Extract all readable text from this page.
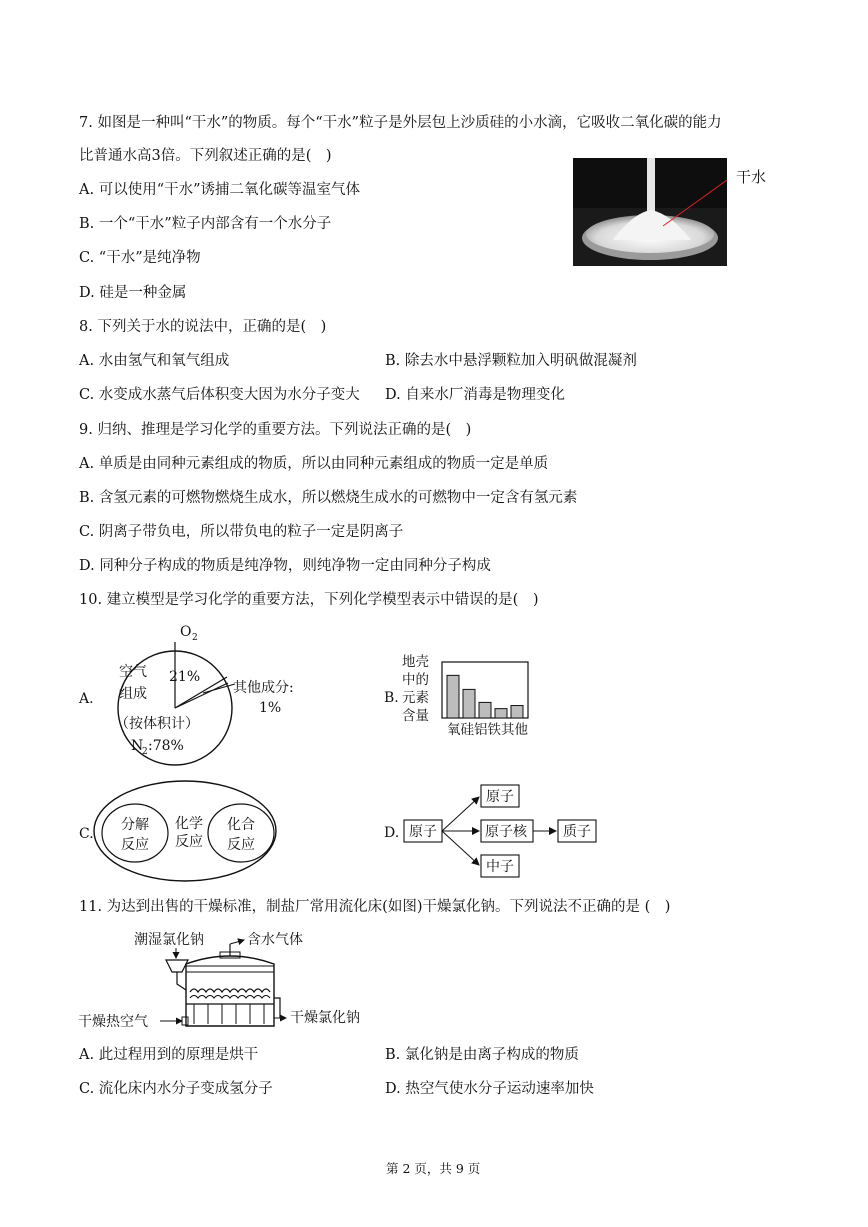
7. 如图是一种叫“干水”的物质。每个“干水”粒子是外层包上沙质硅的小水滴，它吸收二氧化碳的能力
比普通水高3倍。下列叙述正确的是(　)
A. 可以使用“干水”诱捕二氧化碳等温室气体
B. 一个“干水”粒子内部含有一个水分子
C. “干水”是纯净物
D. 硅是一种金属
干水
8. 下列关于水的说法中，正确的是(　)
A. 水由氢气和氧气组成	B. 除去水中悬浮颗粒加入明矾做混凝剂
C. 水变成水蒸气后体积变大因为水分子变大 D. 自来水厂消毒是物理变化
9. 归纳、推理是学习化学的重要方法。下列说法正确的是(　)
A. 单质是由同种元素组成的物质，所以由同种元素组成的物质一定是单质
B. 含氢元素的可燃物燃烧生成水，所以燃烧生成水的可燃物中一定含有氢元素
C. 阴离子带负电，所以带负电的粒子一定是阴离子
D. 同种分子构成的物质是纯净物，则纯净物一定由同种分子构成
10. 建立模型是学习化学的重要方法，下列化学模型表示中错误的是(　)
A.
O 2
21%
空气
组成	其他成分:
1%
（按体积计）
N
2 :78%
B.
地壳
中的
元素
含量
氧硅铝铁其他
C.
分解
反应
化学
反应
化合
反应
D. 原子
原子
原子核	质子
中子
11. 为达到出售的干燥标准，制盐厂常用流化床(如图)干燥氯化钠。下列说法不正确的是 (　)
潮湿氯化钠	含水气体
干燥热空气	干燥氯化钠
A. 此过程用到的原理是烘干	B. 氯化钠是由离子构成的物质
C. 流化床内水分子变成氢分子	D. 热空气使水分子运动速率加快
第 2 页，共 9 页
